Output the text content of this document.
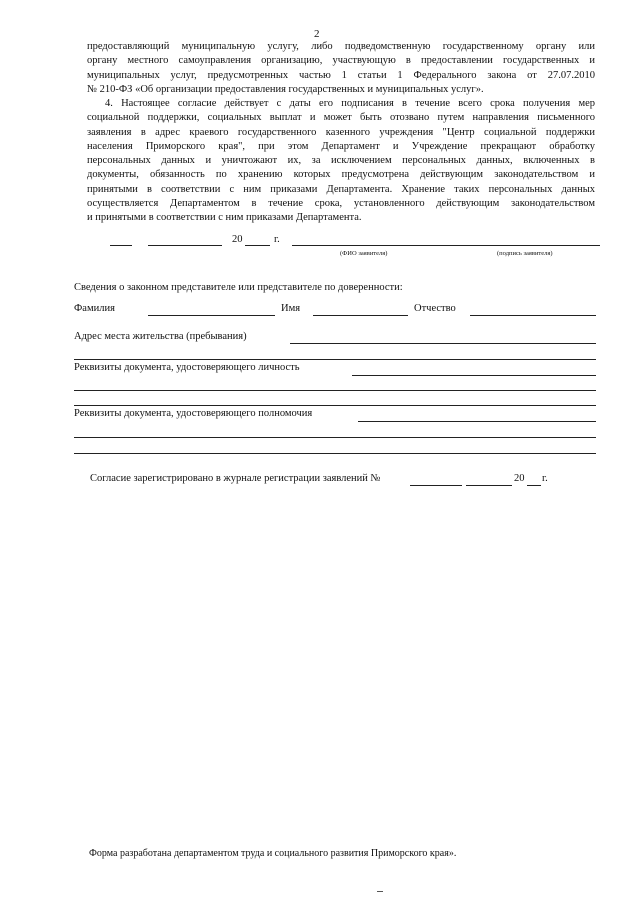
2
предоставляющий муниципальную услугу, либо подведомственную государственному органу или
органу местного самоуправления организацию, участвующую в предоставлении государственных и
муниципальных услуг, предусмотренных частью 1 статьи 1 Федерального закона от 27.07.2010
№ 210-ФЗ «Об организации предоставления государственных и муниципальных услуг».
4. Настоящее согласие действует с даты его подписания в течение всего срока получения мер
социальной поддержки, социальных выплат и может быть отозвано путем направления письменного
заявления в адрес краевого государственного казенного учреждения "Центр социальной поддержки
населения Приморского края", при этом Департамент и Учреждение прекращают обработку
персональных данных и уничтожают их, за исключением персональных данных, включенных в
документы, обязанность по хранению которых предусмотрена действующим законодательством и
принятыми в соответствии с ним приказами Департамента. Хранение таких персональных данных
осуществляется Департаментом в течение срока, установленного действующим законодательством
и принятыми в соответствии с ним приказами Департамента.
20	г.
(ФИО заявителя)	(подпись заявителя)
Сведения о законном представителе или представителе по доверенности:
Фамилия	Имя	Отчество
Адрес места жительства (пребывания)
Реквизиты документа, удостоверяющего личность
Реквизиты документа, удостоверяющего полномочия
Согласие зарегистрировано в журнале регистрации заявлений №	20 г.
Форма разработана департаментом труда и социального развития Приморского края».
